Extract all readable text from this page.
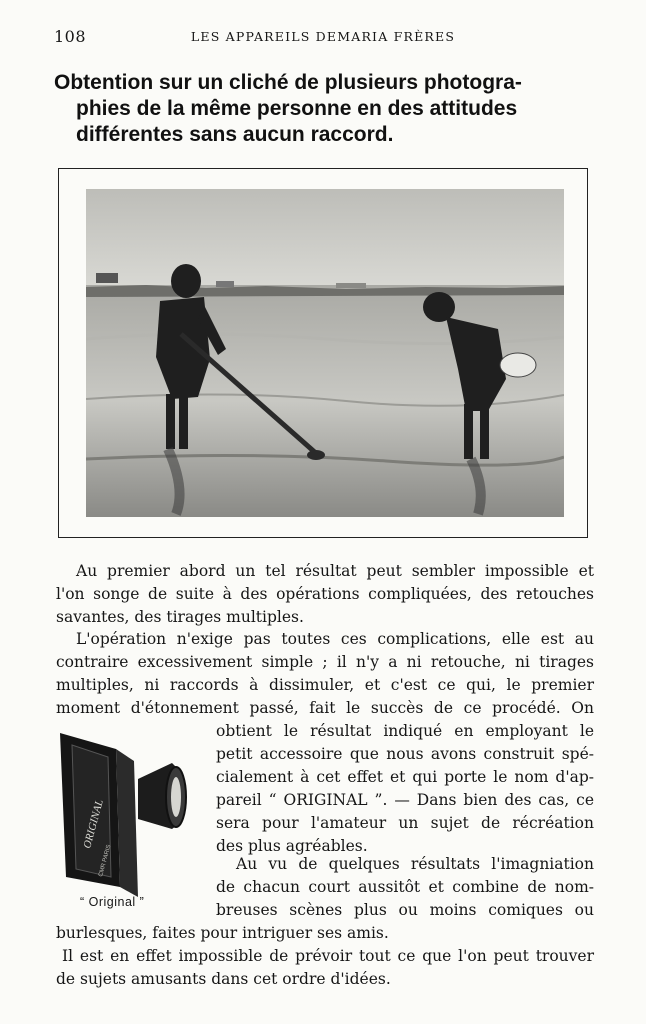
108	LES APPAREILS DEMARIA FRÈRES
Obtention sur un cliché de plusieurs photogra-
phies de la même personne en des attitudes
différentes sans aucun raccord.
Au premier abord un tel résultat peut sembler impossible et
l'on songe de suite à des opérations compliquées, des retouches
savantes, des tirages multiples.
L'opération n'exige pas toutes ces complications, elle est au
contraire excessivement simple ; il n'y a ni retouche, ni tirages
multiples, ni raccords à dissimuler, et c'est ce qui, le premier
moment d'étonnement passé, fait le succès de ce procédé. On
obtient le résultat indiqué en employant le
petit accessoire que nous avons construit spé-
cialement à cet effet et qui porte le nom d'ap-
pareil “ ORIGINAL ”. — Dans bien des cas, ce
sera pour l'amateur un sujet de récréation
des plus agréables.
Au vu de quelques résultats l'imagniation
de chacun court aussitôt et combine de nom-
breuses scènes plus ou moins comiques ou
burlesques, faites pour intriguer ses amis.
Il est en effet impossible de prévoir tout ce que l'on peut trouver
de sujets amusants dans cet ordre d'idées.
ORIGINAL
CMR PARIS
“ Original ”
